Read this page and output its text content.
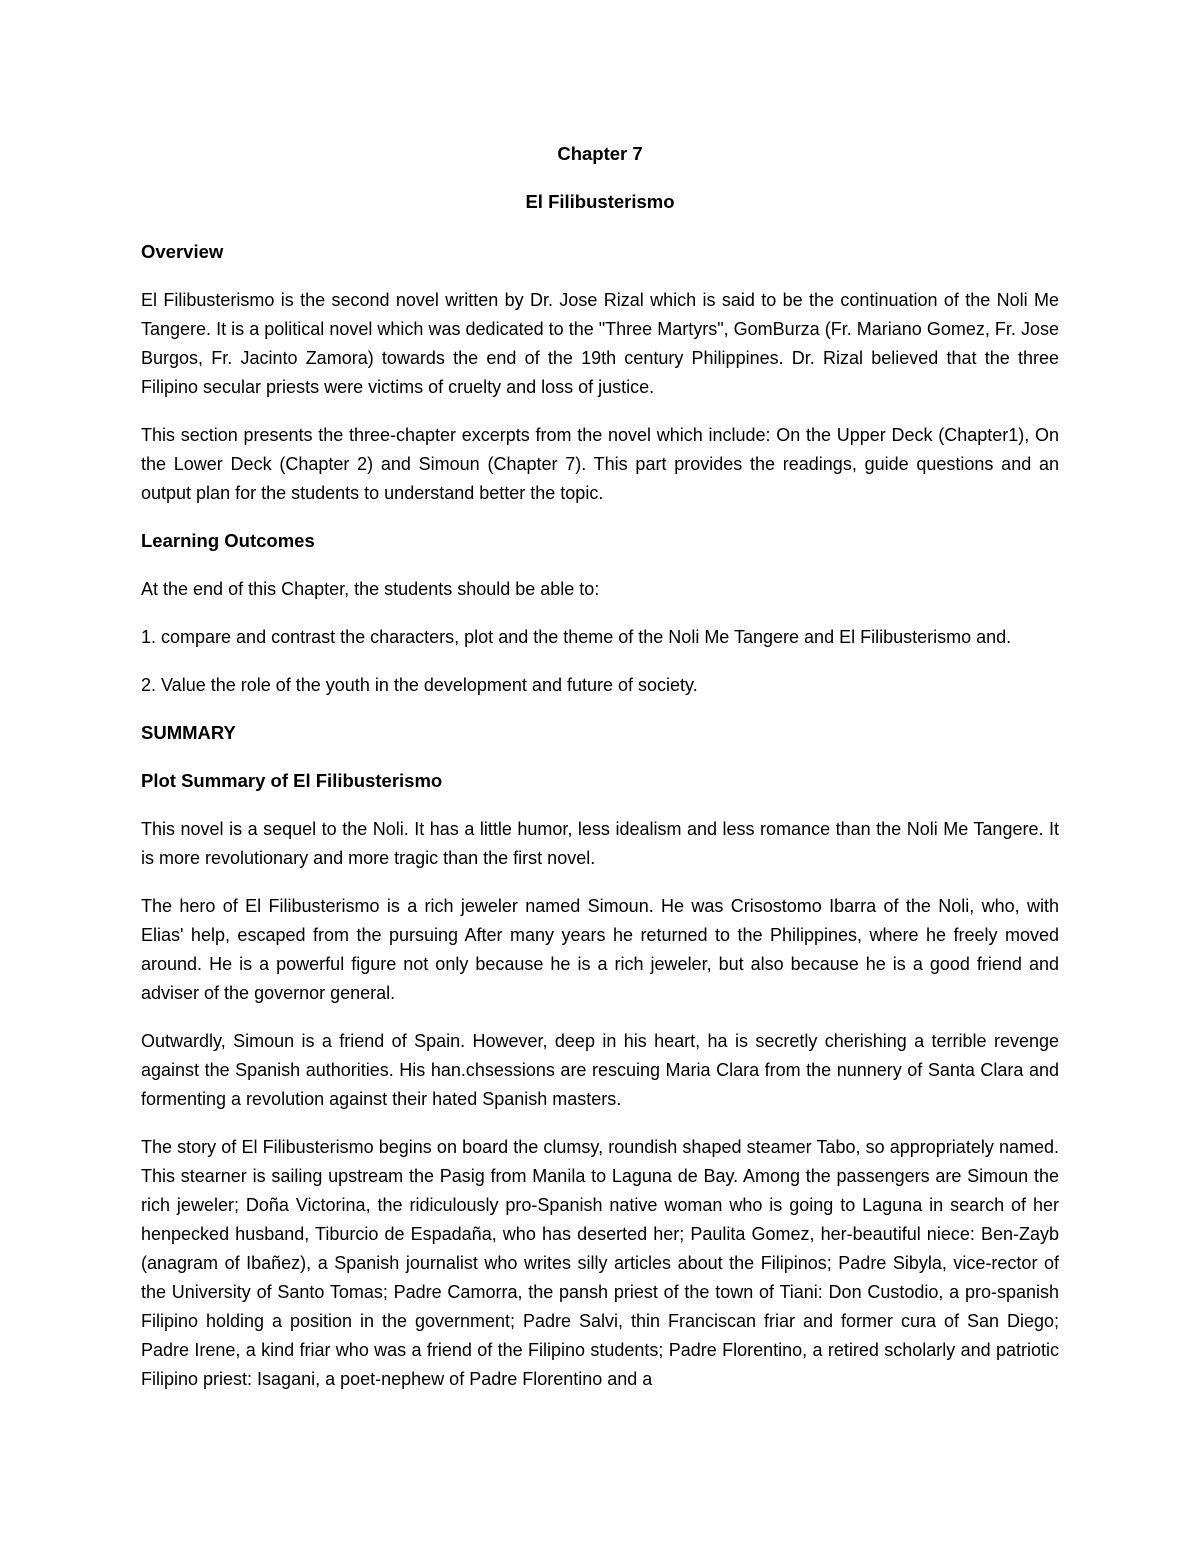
Chapter 7
El Filibusterismo
Overview

El Filibusterismo is the second novel written by Dr. Jose Rizal which is said to be the continuation of the Noli Me Tangere. It is a political novel which was dedicated to the "Three Martyrs", GomBurza (Fr. Mariano Gomez, Fr. Jose Burgos, Fr. Jacinto Zamora) towards the end of the 19th century Philippines. Dr. Rizal believed that the three Filipino secular priests were victims of cruelty and loss of justice.

This section presents the three-chapter excerpts from the novel which include: On the Upper Deck (Chapter1), On the Lower Deck (Chapter 2) and Simoun (Chapter 7). This part provides the readings, guide questions and an output plan for the students to understand better the topic.

Learning Outcomes

At the end of this Chapter, the students should be able to:

1. compare and contrast the characters, plot and the theme of the Noli Me Tangere and El Filibusterismo and.

2. Value the role of the youth in the development and future of society.

SUMMARY
Plot Summary of El Filibusterismo

This novel is a sequel to the Noli. It has a little humor, less idealism and less romance than the Noli Me Tangere. It is more revolutionary and more tragic than the first novel.

The hero of El Filibusterismo is a rich jeweler named Simoun. He was Crisostomo Ibarra of the Noli, who, with Elias' help, escaped from the pursuing After many years he returned to the Philippines, where he freely moved around. He is a powerful figure not only because he is a rich jeweler, but also because he is a good friend and adviser of the governor general.

Outwardly, Simoun is a friend of Spain. However, deep in his heart, ha is secretly cherishing a terrible revenge against the Spanish authorities. His han.chsessions are rescuing Maria Clara from the nunnery of Santa Clara and formenting a revolution against their hated Spanish masters.

The story of El Filibusterismo begins on board the clumsy, roundish shaped steamer Tabo, so appropriately named. This stearner is sailing upstream the Pasig from Manila to Laguna de Bay. Among the passengers are Simoun the rich jeweler; Doña Victorina, the ridiculously pro-Spanish native woman who is going to Laguna in search of her henpecked husband, Tiburcio de Espadaña, who has deserted her; Paulita Gomez, her-beautiful niece: Ben-Zayb (anagram of Ibañez), a Spanish journalist who writes silly articles about the Filipinos; Padre Sibyla, vice-rector of the University of Santo Tomas; Padre Camorra, the pansh priest of the town of Tiani: Don Custodio, a pro-spanish Filipino holding a position in the government; Padre Salvi, thin Franciscan friar and former cura of San Diego; Padre Irene, a kind friar who was a friend of the Filipino students; Padre Florentino, a retired scholarly and patriotic Filipino priest: Isagani, a poet-nephew of Padre Florentino and a
